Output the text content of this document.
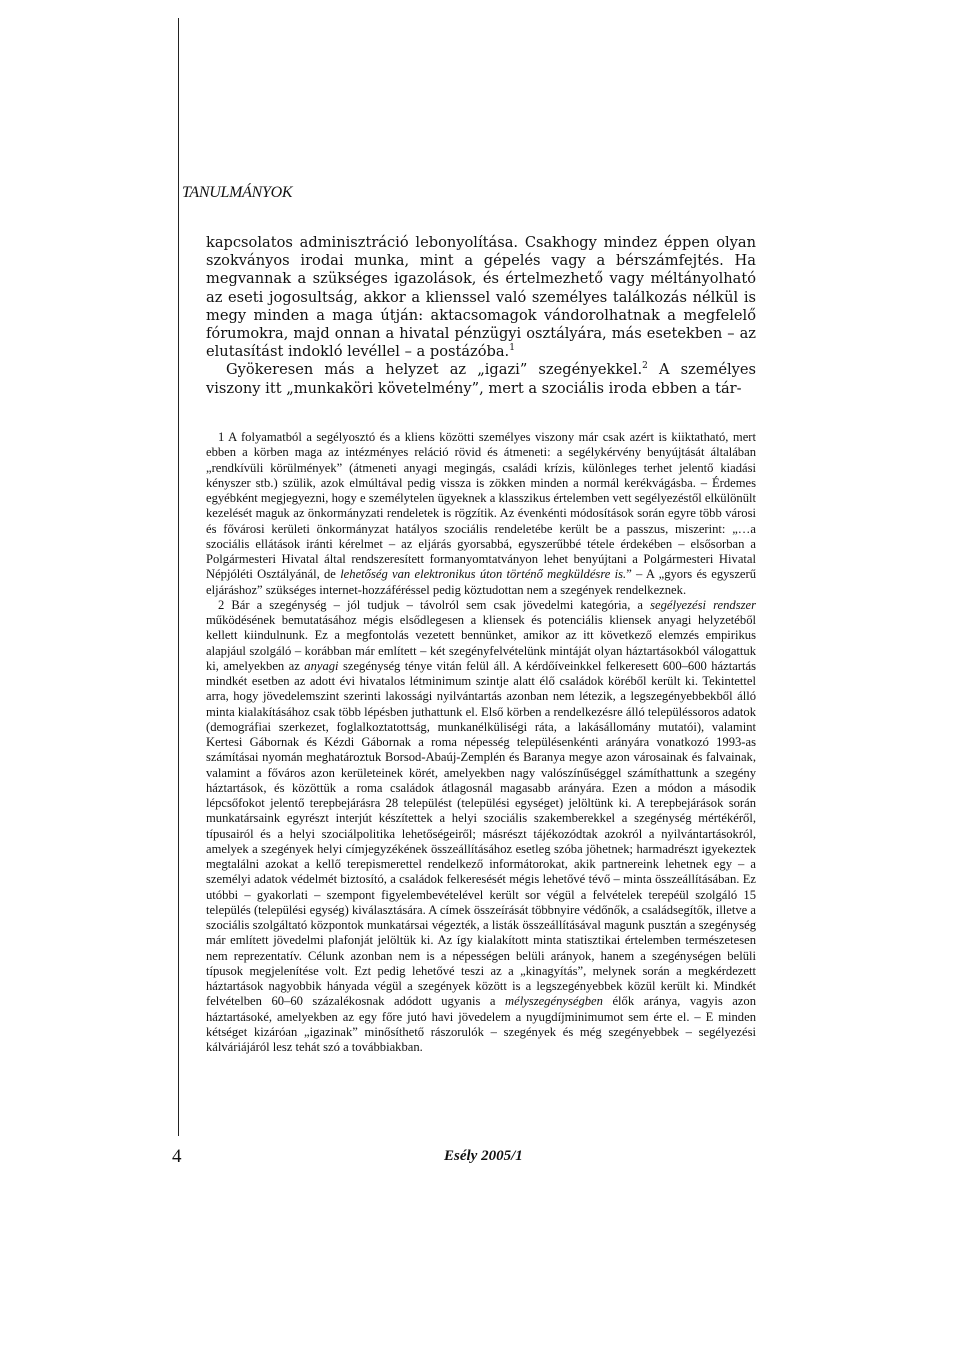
TANULMÁNYOK

kapcsolatos adminisztráció lebonyolítása. Csakhogy mindez éppen olyan szokványos irodai munka, mint a gépelés vagy a bérszámfejtés. Ha megvannak a szükséges igazolások, és értelmezhető vagy méltányolható az eseti jogosultság, akkor a klienssel való személyes találkozás nélkül is megy minden a maga útján: aktacsomagok vándorolhatnak a megfelelő fórumokra, majd onnan a hivatal pénzügyi osztályára, más esetekben – az elutasítást indokló levéllel – a postázóba.$^1$

Gyökeresen más a helyzet az „igazi” szegényekkel.$^2$ A személyes viszony itt „munkaköri követelmény”, mert a szociális iroda ebben a tár-

1 A folyamatból a segélyosztó és a kliens közötti személyes viszony már csak azért is kiiktatható, mert ebben a körben maga az intézményes reláció rövid és átmeneti: a segélykérvény benyújtását általában „rendkívüli körülmények” (átmeneti anyagi megingás, családi krízis, különleges terhet jelentő kiadási kényszer stb.) szülik, azok elmúltával pedig vissza is zökken minden a normál kerékvágásba. – Érdemes egyébként megjegyezni, hogy e személytelen ügyeknek a klasszikus értelemben vett segélyezéstől elkülönült kezelését maguk az önkormányzati rendeletek is rögzítik. Az évenkénti módosítások során egyre több városi és fővárosi kerületi önkormányzat hatályos szociális rendeletébe került be a passzus, miszerint: „…a szociális ellátások iránti kérelmet – az eljárás gyorsabbá, egyszerűbbé tétele érdekében – elsősorban a Polgármesteri Hivatal által rendszeresített formanyomtatványon lehet benyújtani a Polgármesteri Hivatal Népjóléti Osztályánál, de lehetőség van elektronikus úton történő megküldésre is.” – A „gyors és egyszerű eljáráshoz” szükséges internet-hozzáféréssel pedig köztudottan nem a szegények rendelkeznek.

2 Bár a szegénység – jól tudjuk – távolról sem csak jövedelmi kategória, a segélyezési rendszer működésének bemutatásához mégis elsődlegesen a kliensek és potenciális kliensek anyagi helyzetéből kellett kiindulnunk. Ez a megfontolás vezetett bennünket, amikor az itt következő elemzés empirikus alapjául szolgáló – korábban már említett – két szegényfelvételünk mintáját olyan háztartásokból válogattuk ki, amelyekben az anyagi szegénység ténye vitán felül áll. A kérdőíveinkkel felkeresett 600–600 háztartás mindkét esetben az adott évi hivatalos létminimum szintje alatt élő családok köréből került ki. Tekintettel arra, hogy jövedelemszint szerinti lakossági nyilvántartás azonban nem létezik, a legszegényebbekből álló minta kialakításához csak több lépésben juthattunk el. Első körben a rendelkezésre álló településsoros adatok (demográfiai szerkezet, foglalkoztatottság, munkanélküliségi ráta, a lakásállomány mutatói), valamint Kertesi Gábornak és Kézdi Gábornak a roma népesség településenkénti arányára vonatkozó 1993-as számításai nyomán meghatároztuk Borsod-Abaúj-Zemplén és Baranya megye azon városainak és falvainak, valamint a főváros azon kerületeinek körét, amelyekben nagy valószínűséggel számíthattunk a szegény háztartások, és közöttük a roma családok átlagosnál magasabb arányára. Ezen a módon a második lépcsőfokot jelentő terepbejárásra 28 települést (települési egységet) jelöltünk ki. A terepbejárások során munkatársaink egyrészt interjút készítettek a helyi szociális szakemberekkel a szegénység mértékéről, típusairól és a helyi szociálpolitika lehetőségeiről; másrészt tájékozódtak azokról a nyilvántartásokról, amelyek a szegények helyi címjegyzékének összeállításához esetleg szóba jöhetnek; harmadrészt igyekeztek megtalálni azokat a kellő terepismerettel rendelkező informátorokat, akik partnereink lehetnek egy – a személyi adatok védelmét biztosító, a családok felkeresését mégis lehetővé tévő – minta összeállításában. Ez utóbbi – gyakorlati – szempont figyelembevételével került sor végül a felvételek terepéül szolgáló 15 település (települési egység) kiválasztására. A címek összeírását többnyire védőnők, a családsegítők, illetve a szociális szolgáltató központok munkatársai végezték, a listák összeállításával magunk pusztán a szegénység már említett jövedelmi plafonját jelöltük ki. Az így kialakított minta statisztikai értelemben természetesen nem reprezentatív. Célunk azonban nem is a népességen belüli arányok, hanem a szegénységen belüli típusok megjelenítése volt. Ezt pedig lehetővé teszi az a „kinagyítás”, melynek során a megkérdezett háztartások nagyobbik hányada végül a szegények között is a legszegényebbek közül került ki. Mindkét felvételben 60–60 százalékosnak adódott ugyanis a mélyszegénységben élők aránya, vagyis azon háztartásoké, amelyekben az egy főre jutó havi jövedelem a nyugdíjminimumot sem érte el. – E minden kétséget kizáróan „igazinak” minősíthető rászorulók – szegények és még szegényebbek – segélyezési kálváriájáról lesz tehát szó a továbbiakban.

4	Esély 2005/1
